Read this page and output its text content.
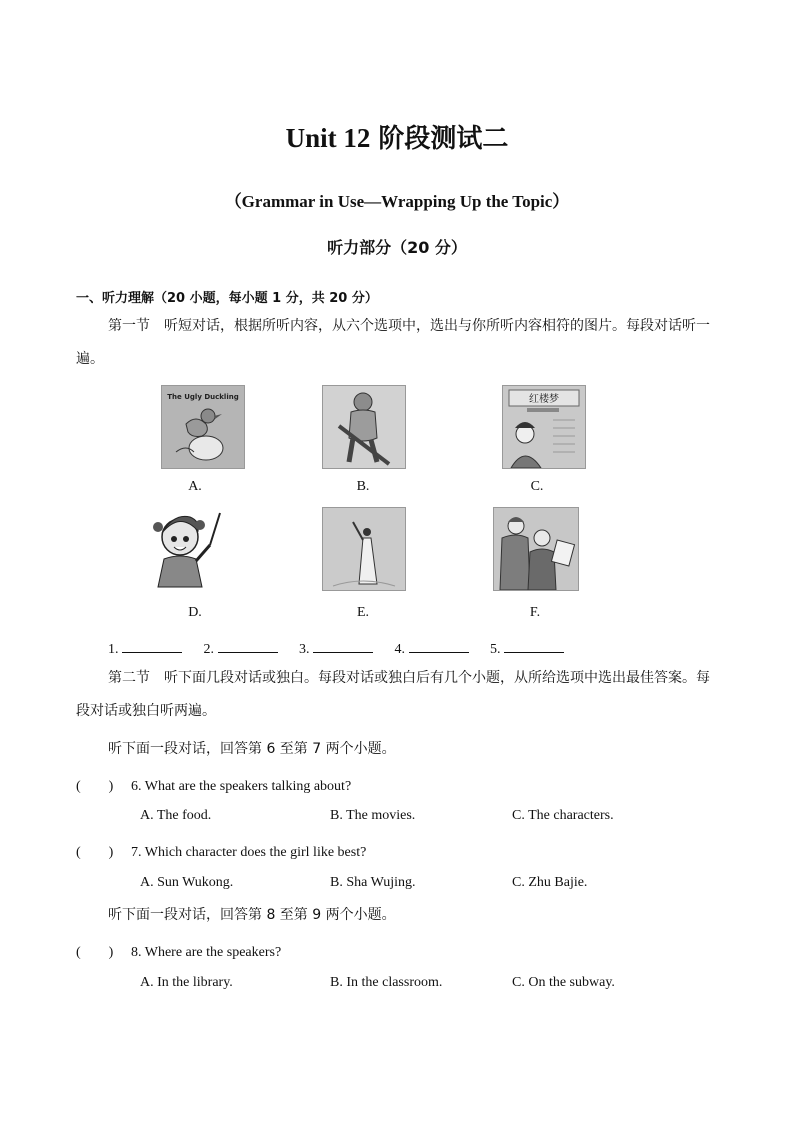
Unit 12 阶段测试二
（Grammar in Use—Wrapping Up the Topic）
听力部分（20 分）
一、听力理解（20 小题，每小题 1 分，共 20 分）
第一节　听短对话，根据所听内容，从六个选项中，选出与你所听内容相符的图片。每段对话听一遍。
The Ugly Duckling	红楼梦
A.	B.	C.
D.	E.	F.
1.	2.	3.	4.	5.
第二节　听下面几段对话或独白。每段对话或独白后有几个小题，从所给选项中选出最佳答案。每段对话或独白听两遍。
听下面一段对话，回答第 6 至第 7 两个小题。
(　　) 6. What are the speakers talking about?
A. The food.	B. The movies.	C. The characters.
(　　) 7. Which character does the girl like best?
A. Sun Wukong.	B. Sha Wujing.	C. Zhu Bajie.
听下面一段对话，回答第 8 至第 9 两个小题。
(　　) 8. Where are the speakers?
A. In the library.	B. In the classroom.	C. On the subway.
